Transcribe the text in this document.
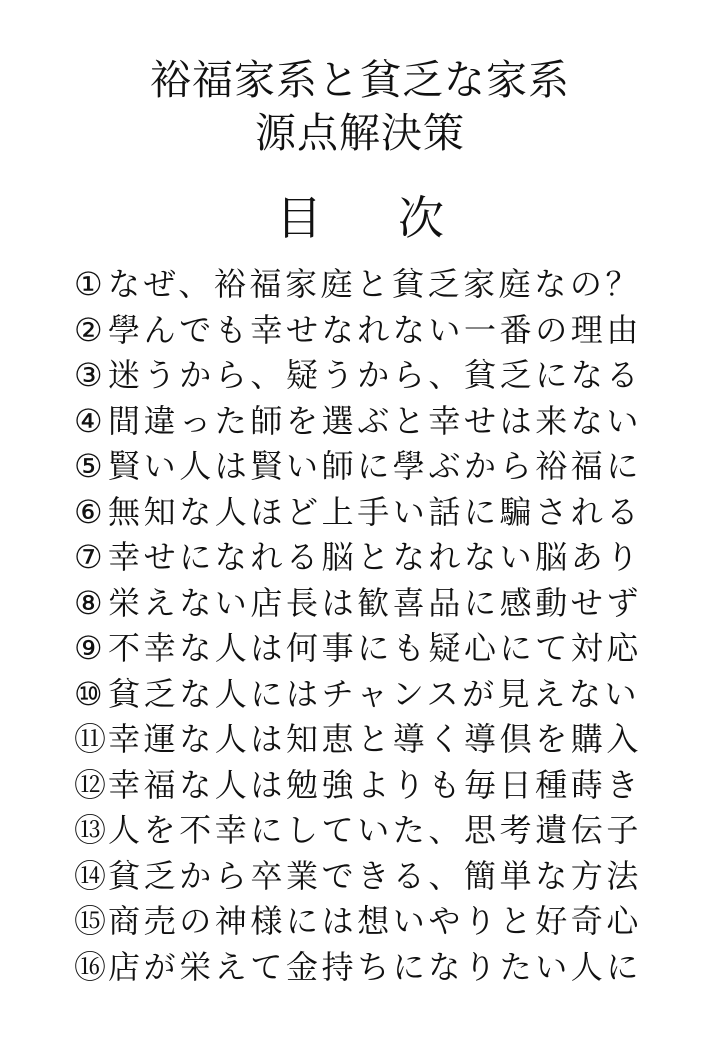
裕福家系と貧乏な家系
源点解決策
目 次
① なぜ、裕福家庭と貧乏家庭なの？
② 學んでも幸せなれない一番の理由
③ 迷うから、疑うから、貧乏になる
④ 間違った師を選ぶと幸せは来ない
⑤ 賢い人は賢い師に學ぶから裕福に
⑥ 無知な人ほど上手い話に騙される
⑦ 幸せになれる脳となれない脳あり
⑧ 栄えない店長は歓喜品に感動せず
⑨ 不幸な人は何事にも疑心にて対応
⑩ 貧乏な人にはチャンスが見えない
⑪幸運な人は知恵と導く導倶を購入
⑫幸福な人は勉強よりも毎日種蒔き
⑬人を不幸にしていた、思考遺伝子
⑭貧乏から卒業できる、簡単な方法
⑮商売の神様には想いやりと好奇心
⑯店が栄えて金持ちになりたい人に
